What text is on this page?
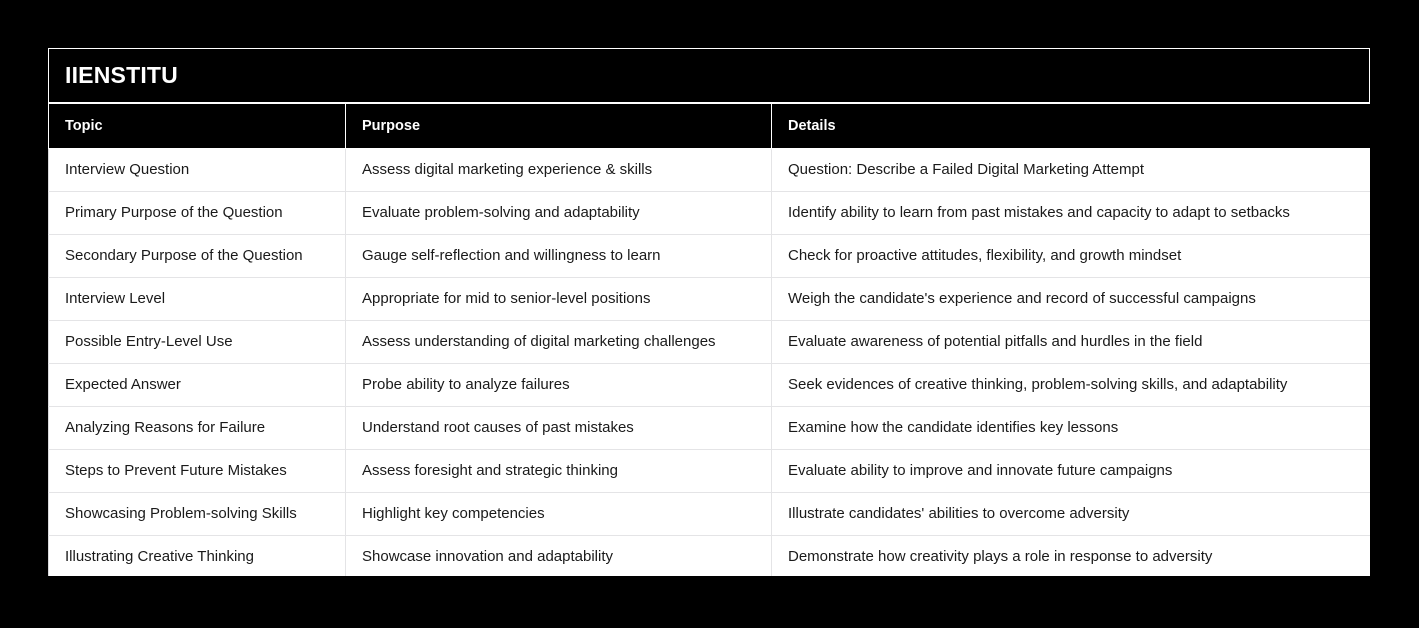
IIENSTITU
Topic	Purpose	Details
Interview Question	Assess digital marketing experience & skills	Question: Describe a Failed Digital Marketing Attempt
Primary Purpose of the Question	Evaluate problem-solving and adaptability	Identify ability to learn from past mistakes and capacity to adapt to setbacks
Secondary Purpose of the Question	Gauge self-reflection and willingness to learn	Check for proactive attitudes, flexibility, and growth mindset
Interview Level	Appropriate for mid to senior-level positions	Weigh the candidate's experience and record of successful campaigns
Possible Entry-Level Use	Assess understanding of digital marketing challenges	Evaluate awareness of potential pitfalls and hurdles in the field
Expected Answer	Probe ability to analyze failures	Seek evidences of creative thinking, problem-solving skills, and adaptability
Analyzing Reasons for Failure	Understand root causes of past mistakes	Examine how the candidate identifies key lessons
Steps to Prevent Future Mistakes	Assess foresight and strategic thinking	Evaluate ability to improve and innovate future campaigns
Showcasing Problem-solving Skills	Highlight key competencies	Illustrate candidates' abilities to overcome adversity
Illustrating Creative Thinking	Showcase innovation and adaptability	Demonstrate how creativity plays a role in response to adversity
